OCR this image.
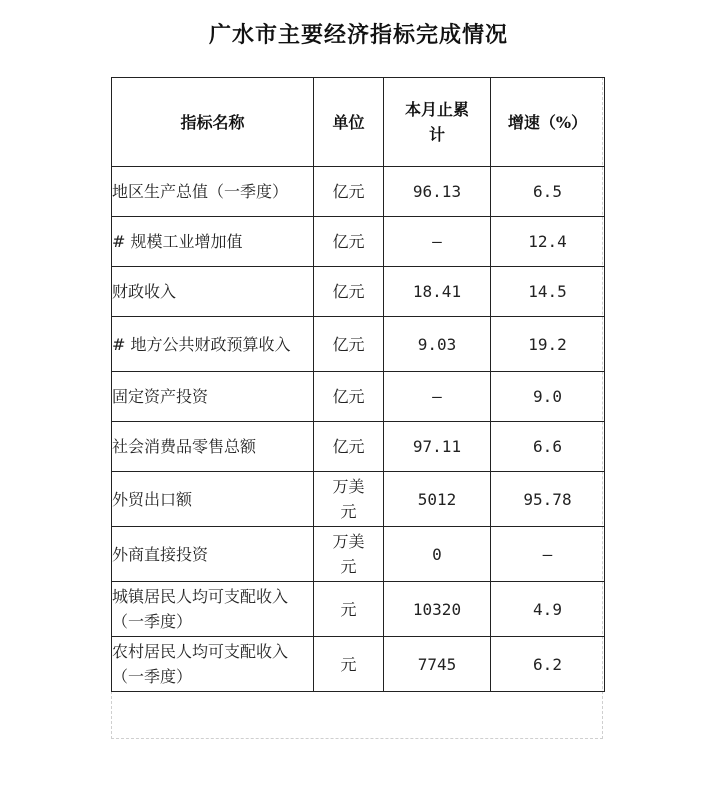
广水市主要经济指标完成情况
指标名称	单位	本月止累计	增速（%）
地区生产总值（一季度）	亿元	96.13	6.5
# 规模工业增加值	亿元	—	12.4
财政收入	亿元	18.41	14.5
# 地方公共财政预算收入	亿元	9.03	19.2
固定资产投资	亿元	—	9.0
社会消费品零售总额	亿元	97.11	6.6
外贸出口额	万美元	5012	95.78
外商直接投资	万美元	0	—
城镇居民人均可支配收入（一季度）	元	10320	4.9
农村居民人均可支配收入（一季度）	元	7745	6.2
